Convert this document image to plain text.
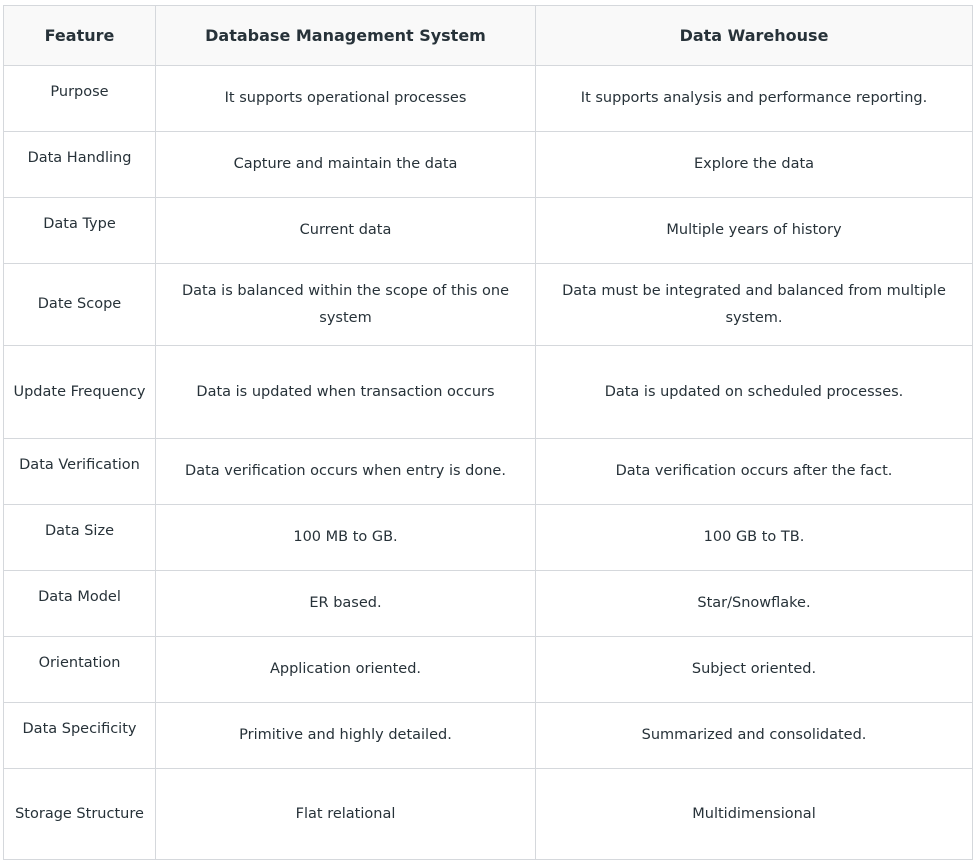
Feature	Database Management System	Data Warehouse
Purpose	It supports operational processes	It supports analysis and performance reporting.
Data Handling	Capture and maintain the data	Explore the data
Data Type	Current data	Multiple years of history
Date Scope	Data is balanced within the scope of this one system	Data must be integrated and balanced from multiple system.
Update Frequency	Data is updated when transaction occurs	Data is updated on scheduled processes.
Data Verification	Data verification occurs when entry is done.	Data verification occurs after the fact.
Data Size	100 MB to GB.	100 GB to TB.
Data Model	ER based.	Star/Snowflake.
Orientation	Application oriented.	Subject oriented.
Data Specificity	Primitive and highly detailed.	Summarized and consolidated.
Storage Structure	Flat relational	Multidimensional
